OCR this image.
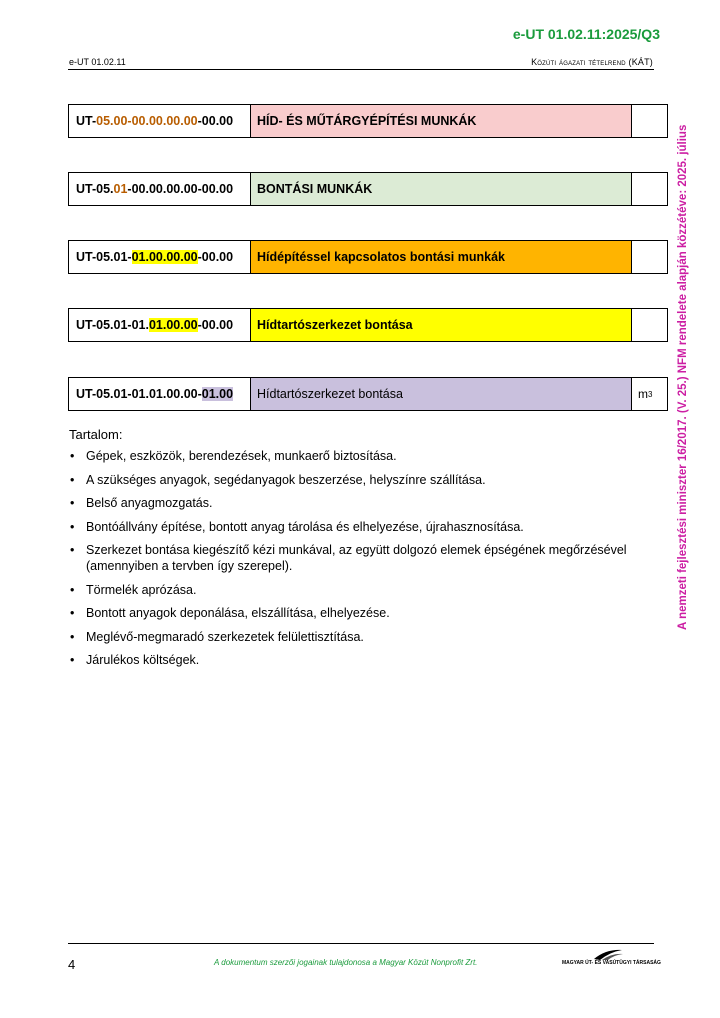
e-UT 01.02.11:2025/Q3
e-UT 01.02.11	Közúti ágazati tételrend (KÁT)
A nemzeti fejlesztési miniszter 16/2017. (V. 25.) NFM rendelete alapján közzétéve: 2025. július
UT- 05.00-00.00.00.00 -00.00	HÍD- ÉS MŰTÁRGYÉPÍTÉSI MUNKÁK
UT-05. 01 -00.00.00.00-00.00	BONTÁSI MUNKÁK
UT-05.01- 01.00.00.00 -00.00	Hídépítéssel kapcsolatos bontási munkák
UT-05.01-01. 01.00.00 -00.00	Hídtartószerkezet bontása
UT-05.01-01.01.00.00- 01.00	Hídtartószerkezet bontása	m 3
Tartalom:
• Gépek, eszközök, berendezések, munkaerő biztosítása.
• A szükséges anyagok, segédanyagok beszerzése, helyszínre szállítása.
• Belső anyagmozgatás.
• Bontóállvány építése, bontott anyag tárolása és elhelyezése, újrahasznosítása.
• Szerkezet bontása kiegészítő kézi munkával, az együtt dolgozó elemek épségének megőrzésével (amennyiben a tervben így szerepel).
• Törmelék aprózása.
• Bontott anyagok deponálása, elszállítása, elhelyezése.
• Meglévő-megmaradó szerkezetek felülettisztítása.
• Járulékos költségek.
4	A dokumentum szerzői jogainak tulajdonosa a Magyar Közút Nonprofit Zrt.	MAGYAR ÚT- ÉS VASÚTÜGYI TÁRSASÁG
